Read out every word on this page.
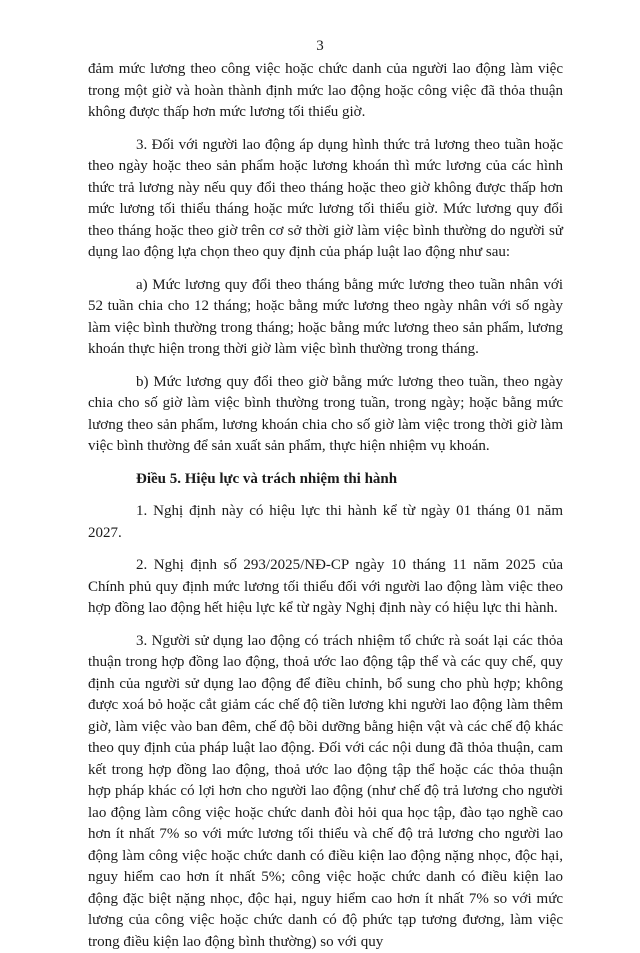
3

đảm mức lương theo công việc hoặc chức danh của người lao động làm việc trong một giờ và hoàn thành định mức lao động hoặc công việc đã thỏa thuận không được thấp hơn mức lương tối thiểu giờ.

3. Đối với người lao động áp dụng hình thức trả lương theo tuần hoặc theo ngày hoặc theo sản phẩm hoặc lương khoán thì mức lương của các hình thức trả lương này nếu quy đổi theo tháng hoặc theo giờ không được thấp hơn mức lương tối thiểu tháng hoặc mức lương tối thiểu giờ. Mức lương quy đổi theo tháng hoặc theo giờ trên cơ sở thời giờ làm việc bình thường do người sử dụng lao động lựa chọn theo quy định của pháp luật lao động như sau:

a) Mức lương quy đổi theo tháng bằng mức lương theo tuần nhân với 52 tuần chia cho 12 tháng; hoặc bằng mức lương theo ngày nhân với số ngày làm việc bình thường trong tháng; hoặc bằng mức lương theo sản phẩm, lương khoán thực hiện trong thời giờ làm việc bình thường trong tháng.

b) Mức lương quy đổi theo giờ bằng mức lương theo tuần, theo ngày chia cho số giờ làm việc bình thường trong tuần, trong ngày; hoặc bằng mức lương theo sản phẩm, lương khoán chia cho số giờ làm việc trong thời giờ làm việc bình thường để sản xuất sản phẩm, thực hiện nhiệm vụ khoán.

Điều 5. Hiệu lực và trách nhiệm thi hành

1. Nghị định này có hiệu lực thi hành kể từ ngày 01 tháng 01 năm 2027.

2. Nghị định số 293/2025/NĐ-CP ngày 10 tháng 11 năm 2025 của Chính phủ quy định mức lương tối thiểu đối với người lao động làm việc theo hợp đồng lao động hết hiệu lực kể từ ngày Nghị định này có hiệu lực thi hành.

3. Người sử dụng lao động có trách nhiệm tổ chức rà soát lại các thỏa thuận trong hợp đồng lao động, thoả ước lao động tập thể và các quy chế, quy định của người sử dụng lao động để điều chỉnh, bổ sung cho phù hợp; không được xoá bỏ hoặc cắt giảm các chế độ tiền lương khi người lao động làm thêm giờ, làm việc vào ban đêm, chế độ bồi dưỡng bằng hiện vật và các chế độ khác theo quy định của pháp luật lao động. Đối với các nội dung đã thỏa thuận, cam kết trong hợp đồng lao động, thoả ước lao động tập thể hoặc các thỏa thuận hợp pháp khác có lợi hơn cho người lao động (như chế độ trả lương cho người lao động làm công việc hoặc chức danh đòi hỏi qua học tập, đào tạo nghề cao hơn ít nhất 7% so với mức lương tối thiểu và chế độ trả lương cho người lao động làm công việc hoặc chức danh có điều kiện lao động nặng nhọc, độc hại, nguy hiểm cao hơn ít nhất 5%; công việc hoặc chức danh có điều kiện lao động đặc biệt nặng nhọc, độc hại, nguy hiểm cao hơn ít nhất 7% so với mức lương của công việc hoặc chức danh có độ phức tạp tương đương, làm việc trong điều kiện lao động bình thường) so với quy
